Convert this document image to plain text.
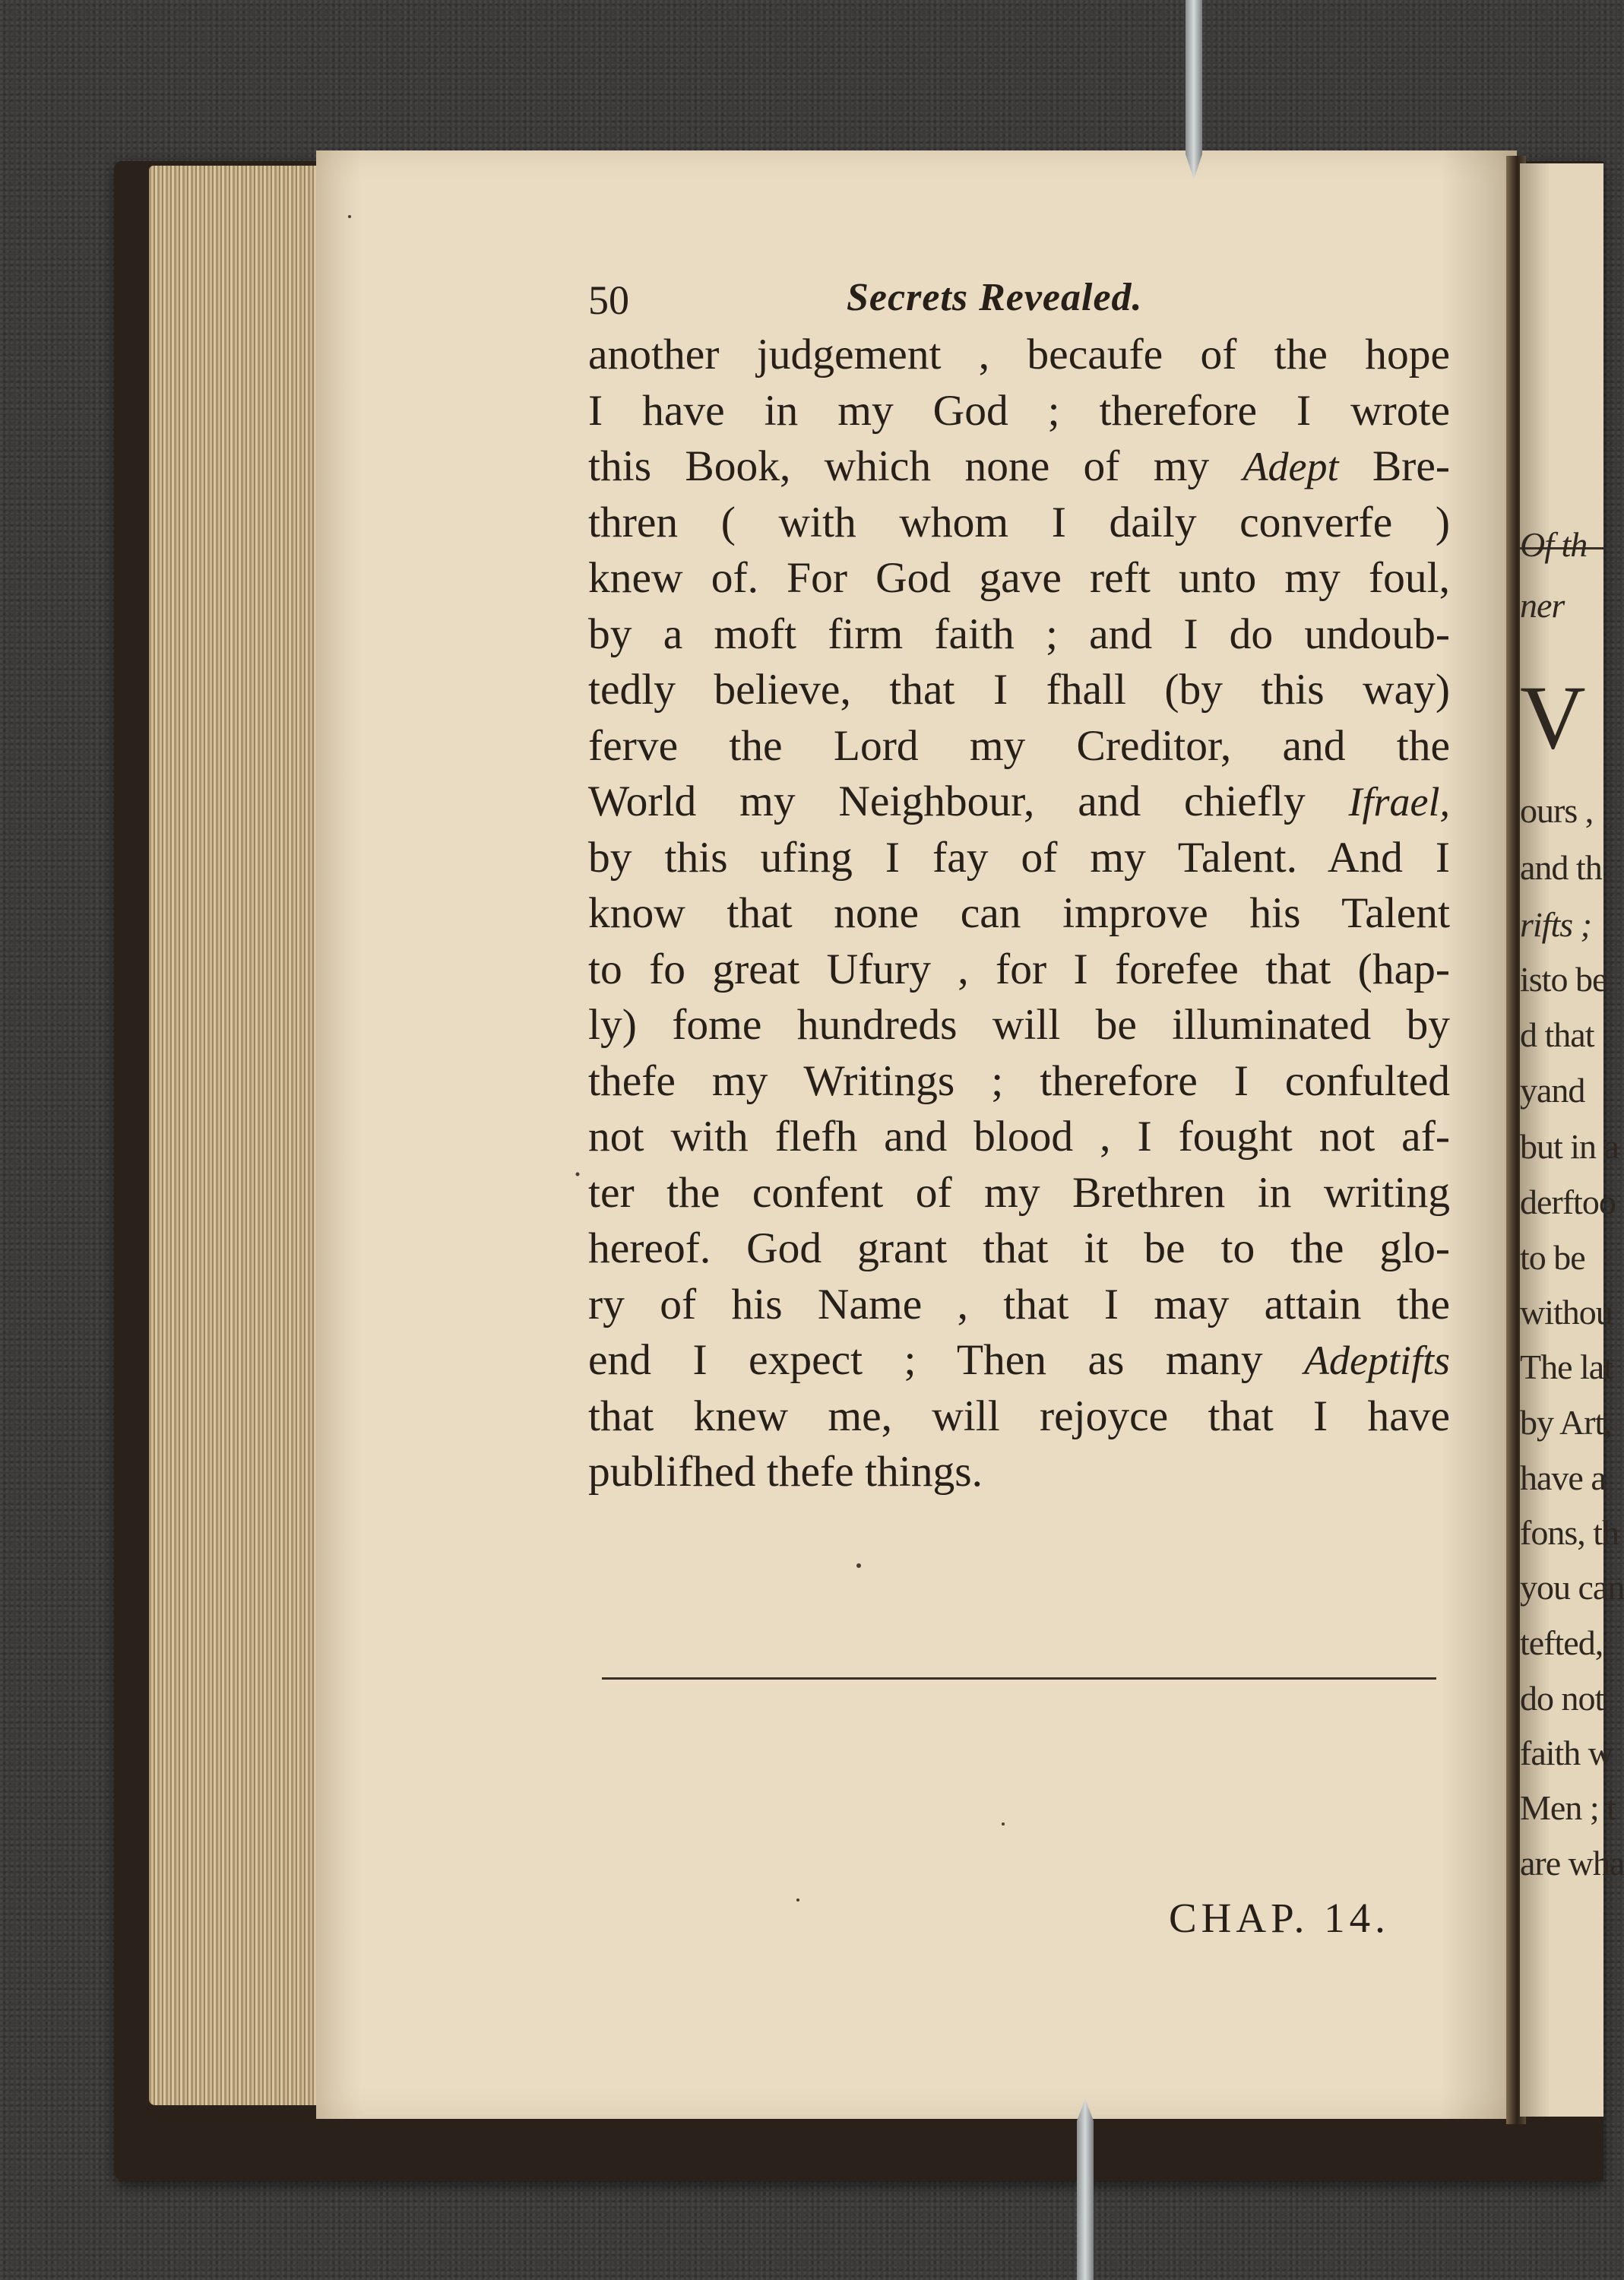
Of th
ner
V
ours ,
and th
rifts ;
isto be
d that
yand
but in a
derftoo
to be
withou
The lat
by Art,
have a
fons, th
you can
tefted,
do not
faith w
Men ; t
are wha
50	Secrets Revealed.
another judgement , becaufe of the hope
I have in my God ; therefore I wrote
this Book, which none of my Adept Bre-
thren ( with whom I daily converfe )
knew of. For God gave reft unto my foul,
by a moft firm faith ; and I do undoub-
tedly believe, that I fhall (by this way)
ferve the Lord my Creditor, and the
World my Neighbour, and chiefly Ifrael,
by this ufing I fay of my Talent. And I
know that none can improve his Talent
to fo great Ufury , for I forefee that (hap-
ly) fome hundreds will be illuminated by
thefe my Writings ; therefore I confulted
not with flefh and blood , I fought not af-
ter the confent of my Brethren in writing
hereof. God grant that it be to the glo-
ry of his Name , that I may attain the
end I expect ; Then as many Adeptifts
that knew me, will rejoyce that I have
publifhed thefe things.
CHAP. 14.
